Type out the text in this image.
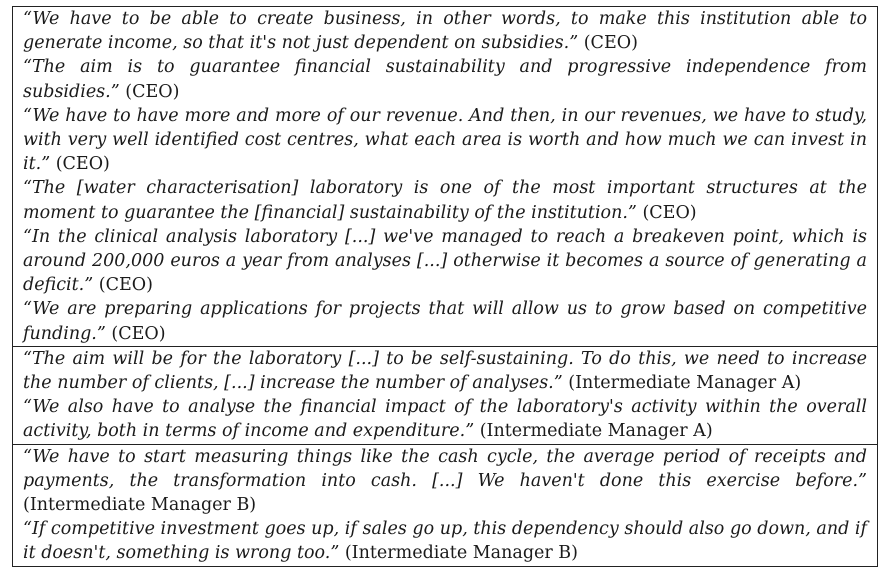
“We have to be able to create business, in other words, to make this institution able to generate income, so that it's not just dependent on subsidies.” (CEO)

“The aim is to guarantee financial sustainability and progressive independence from subsidies.” (CEO)

“We have to have more and more of our revenue. And then, in our revenues, we have to study, with very well identified cost centres, what each area is worth and how much we can invest in it.” (CEO)

“The [water characterisation] laboratory is one of the most important structures at the moment to guarantee the [financial] sustainability of the institution.” (CEO)

“In the clinical analysis laboratory [...] we've managed to reach a breakeven point, which is around 200,000 euros a year from analyses [...] otherwise it becomes a source of generating a deficit.” (CEO)

“We are preparing applications for projects that will allow us to grow based on competitive funding.” (CEO)

“The aim will be for the laboratory [...] to be self-sustaining. To do this, we need to increase the number of clients, [...] increase the number of analyses.” (Intermediate Manager A)

“We also have to analyse the financial impact of the laboratory's activity within the overall activity, both in terms of income and expenditure.” (Intermediate Manager A)

“We have to start measuring things like the cash cycle, the average period of receipts and payments, the transformation into cash. [...] We haven't done this exercise before.” (Intermediate Manager B)

“If competitive investment goes up, if sales go up, this dependency should also go down, and if it doesn't, something is wrong too.” (Intermediate Manager B)
